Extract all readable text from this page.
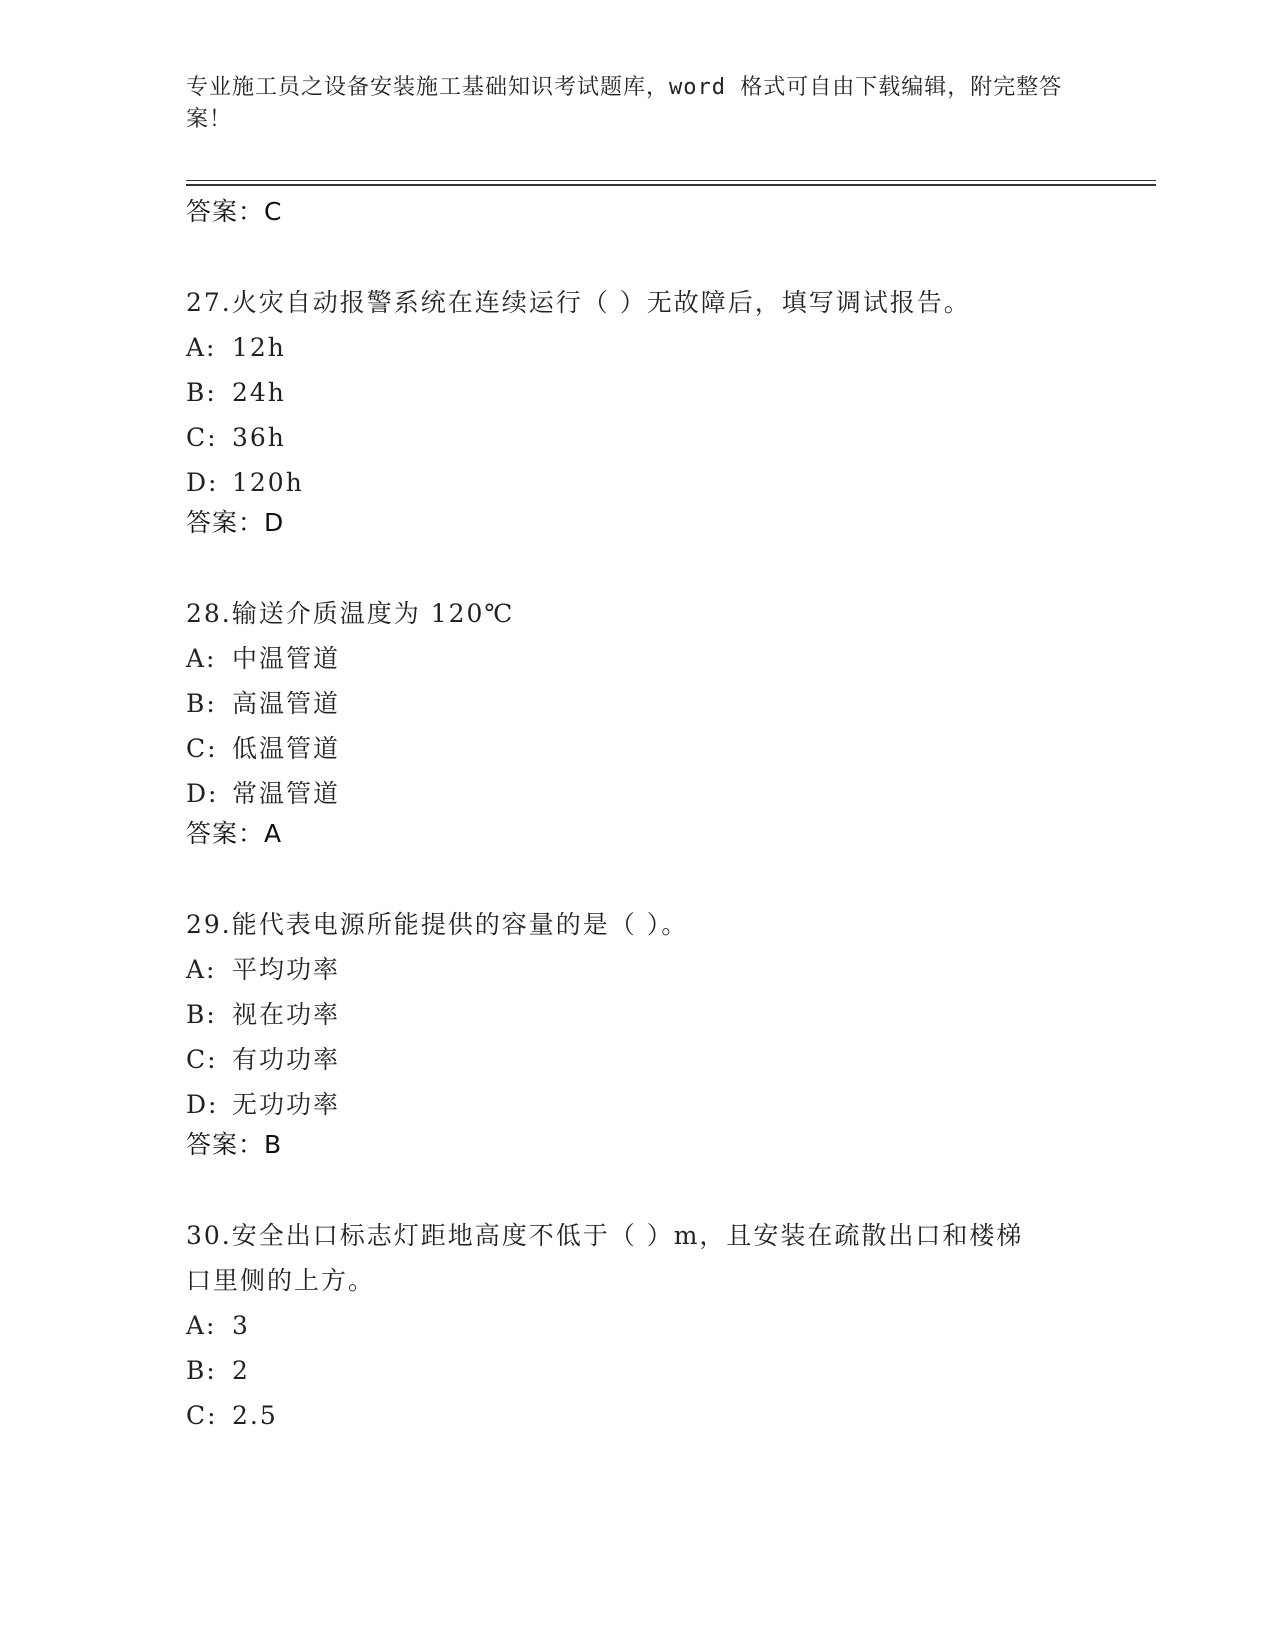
专业施工员之设备安装施工基础知识考试题库，word 格式可自由下载编辑，附完整答案！
答案：C
27.火灾自动报警系统在连续运行（ ）无故障后，填写调试报告。
A: 12h
B: 24h
C: 36h
D: 120h
答案：D
28.输送介质温度为 120℃
A: 中温管道
B: 高温管道
C: 低温管道
D: 常温管道
答案：A
29.能代表电源所能提供的容量的是（ ）。
A: 平均功率
B: 视在功率
C: 有功功率
D: 无功功率
答案：B
30.安全出口标志灯距地高度不低于（ ）m，且安装在疏散出口和楼梯口里侧的上方。
A: 3
B: 2
C: 2.5
